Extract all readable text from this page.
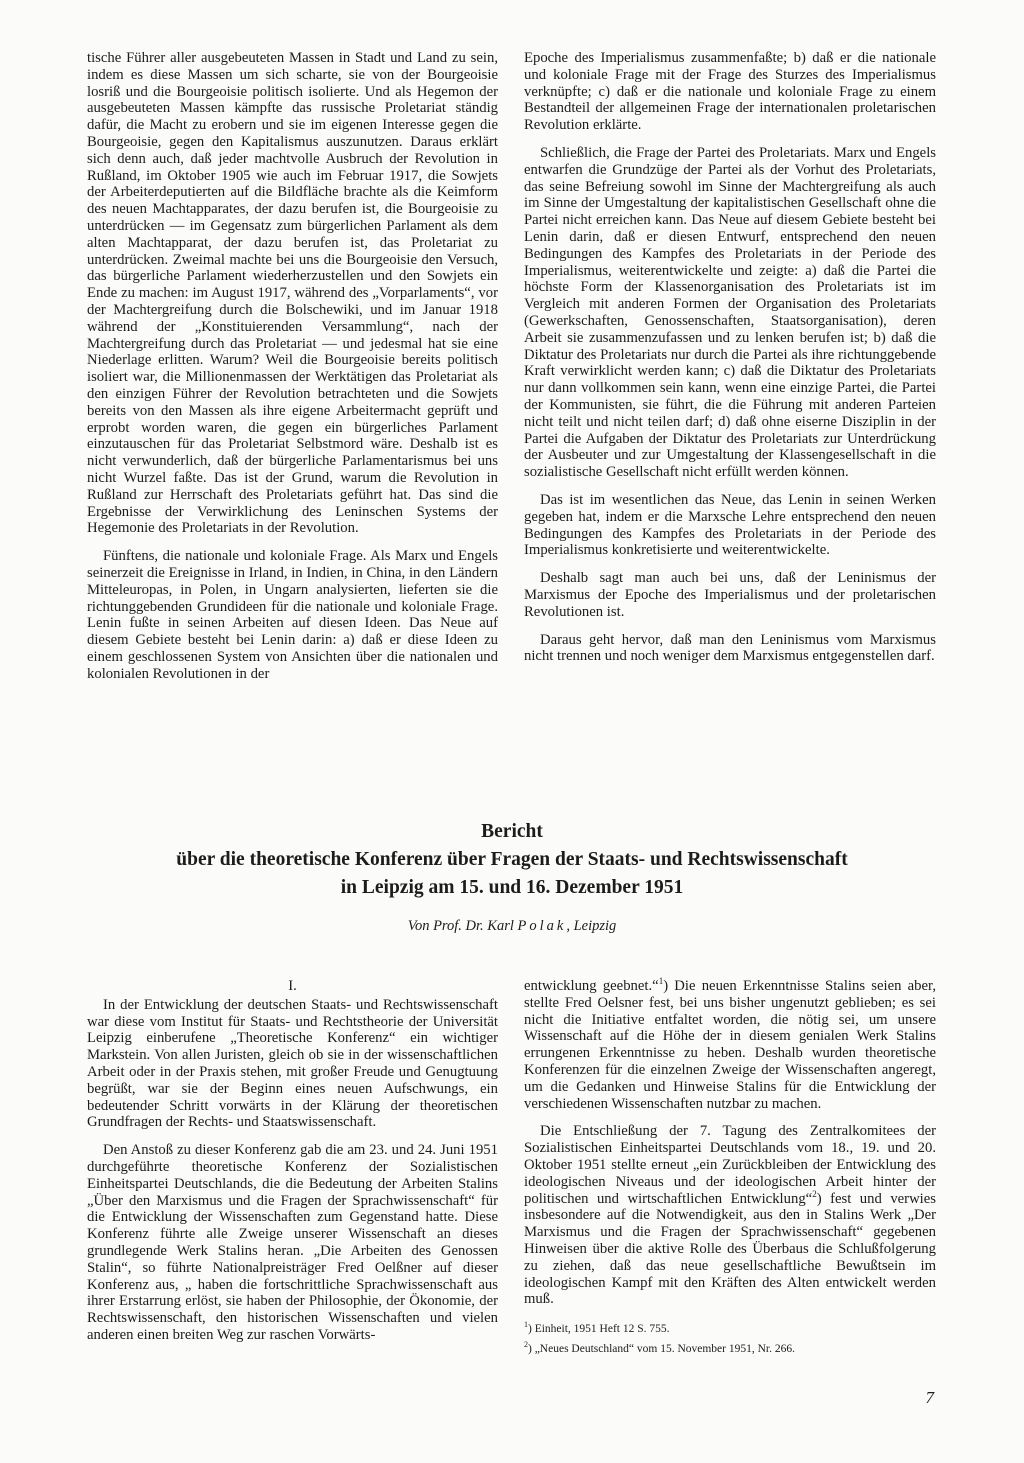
tische Führer aller ausgebeuteten Massen in Stadt und Land zu sein, indem es diese Massen um sich scharte, sie von der Bourgeoisie losriß und die Bourgeoisie politisch isolierte. Und als Hegemon der ausgebeuteten Massen kämpfte das russische Proletariat ständig dafür, die Macht zu erobern und sie im eigenen Interesse gegen die Bourgeoisie, gegen den Kapitalismus auszunutzen. Daraus erklärt sich denn auch, daß jeder machtvolle Ausbruch der Revolution in Rußland, im Oktober 1905 wie auch im Februar 1917, die Sowjets der Arbeiterdeputierten auf die Bildfläche brachte als die Keimform des neuen Machtapparates, der dazu berufen ist, die Bourgeoisie zu unterdrücken — im Gegensatz zum bürgerlichen Parlament als dem alten Machtapparat, der dazu berufen ist, das Proletariat zu unterdrücken. Zweimal machte bei uns die Bourgeoisie den Versuch, das bürgerliche Parlament wiederherzustellen und den Sowjets ein Ende zu machen: im August 1917, während des „Vorparlaments“, vor der Machtergreifung durch die Bolschewiki, und im Januar 1918 während der „Konstituierenden Versammlung“, nach der Machtergreifung durch das Proletariat — und jedesmal hat sie eine Niederlage erlitten. Warum? Weil die Bourgeoisie bereits politisch isoliert war, die Millionenmassen der Werktätigen das Proletariat als den einzigen Führer der Revolution betrachteten und die Sowjets bereits von den Massen als ihre eigene Arbeitermacht geprüft und erprobt worden waren, die gegen ein bürgerliches Parlament einzutauschen für das Proletariat Selbstmord wäre. Deshalb ist es nicht verwunderlich, daß der bürgerliche Parlamentarismus bei uns nicht Wurzel faßte. Das ist der Grund, warum die Revolution in Rußland zur Herrschaft des Proletariats geführt hat. Das sind die Ergebnisse der Verwirklichung des Leninschen Systems der Hegemonie des Proletariats in der Revolution.

Fünftens, die nationale und koloniale Frage. Als Marx und Engels seinerzeit die Ereignisse in Irland, in Indien, in China, in den Ländern Mitteleuropas, in Polen, in Ungarn analysierten, lieferten sie die richtunggebenden Grundideen für die nationale und koloniale Frage. Lenin fußte in seinen Arbeiten auf diesen Ideen. Das Neue auf diesem Gebiete besteht bei Lenin darin: a) daß er diese Ideen zu einem geschlossenen System von Ansichten über die nationalen und kolonialen Revolutionen in der

Epoche des Imperialismus zusammenfaßte; b) daß er die nationale und koloniale Frage mit der Frage des Sturzes des Imperialismus verknüpfte; c) daß er die nationale und koloniale Frage zu einem Bestandteil der allgemeinen Frage der internationalen proletarischen Revolution erklärte.

Schließlich, die Frage der Partei des Proletariats. Marx und Engels entwarfen die Grundzüge der Partei als der Vorhut des Proletariats, das seine Befreiung sowohl im Sinne der Machtergreifung als auch im Sinne der Umgestaltung der kapitalistischen Gesellschaft ohne die Partei nicht erreichen kann. Das Neue auf diesem Gebiete besteht bei Lenin darin, daß er diesen Entwurf, entsprechend den neuen Bedingungen des Kampfes des Proletariats in der Periode des Imperialismus, weiterentwickelte und zeigte: a) daß die Partei die höchste Form der Klassenorganisation des Proletariats ist im Vergleich mit anderen Formen der Organisation des Proletariats (Gewerkschaften, Genossenschaften, Staatsorganisation), deren Arbeit sie zusammenzufassen und zu lenken berufen ist; b) daß die Diktatur des Proletariats nur durch die Partei als ihre richtunggebende Kraft verwirklicht werden kann; c) daß die Diktatur des Proletariats nur dann vollkommen sein kann, wenn eine einzige Partei, die Partei der Kommunisten, sie führt, die die Führung mit anderen Parteien nicht teilt und nicht teilen darf; d) daß ohne eiserne Disziplin in der Partei die Aufgaben der Diktatur des Proletariats zur Unterdrückung der Ausbeuter und zur Umgestaltung der Klassengesellschaft in die sozialistische Gesellschaft nicht erfüllt werden können.

Das ist im wesentlichen das Neue, das Lenin in seinen Werken gegeben hat, indem er die Marxsche Lehre entsprechend den neuen Bedingungen des Kampfes des Proletariats in der Periode des Imperialismus konkretisierte und weiterentwickelte.

Deshalb sagt man auch bei uns, daß der Leninismus der Marxismus der Epoche des Imperialismus und der proletarischen Revolutionen ist.

Daraus geht hervor, daß man den Leninismus vom Marxismus nicht trennen und noch weniger dem Marxismus entgegenstellen darf.

Bericht
über die theoretische Konferenz über Fragen der Staats- und Rechtswissenschaft
in Leipzig am 15. und 16. Dezember 1951

Von Prof. Dr. Karl Polak, Leipzig

I.

In der Entwicklung der deutschen Staats- und Rechtswissenschaft war diese vom Institut für Staats- und Rechtstheorie der Universität Leipzig einberufene „Theoretische Konferenz“ ein wichtiger Markstein. Von allen Juristen, gleich ob sie in der wissenschaftlichen Arbeit oder in der Praxis stehen, mit großer Freude und Genugtuung begrüßt, war sie der Beginn eines neuen Aufschwungs, ein bedeutender Schritt vorwärts in der Klärung der theoretischen Grundfragen der Rechts- und Staatswissenschaft.

Den Anstoß zu dieser Konferenz gab die am 23. und 24. Juni 1951 durchgeführte theoretische Konferenz der Sozialistischen Einheitspartei Deutschlands, die die Bedeutung der Arbeiten Stalins „Über den Marxismus und die Fragen der Sprachwissenschaft“ für die Entwicklung der Wissenschaften zum Gegenstand hatte. Diese Konferenz führte alle Zweige unserer Wissenschaft an dieses grundlegende Werk Stalins heran. „Die Arbeiten des Genossen Stalin“, so führte Nationalpreisträger Fred Oelßner auf dieser Konferenz aus, „ haben die fortschrittliche Sprachwissenschaft aus ihrer Erstarrung erlöst, sie haben der Philosophie, der Ökonomie, der Rechtswissenschaft, den historischen Wissenschaften und vielen anderen einen breiten Weg zur raschen Vorwärts-

entwicklung geebnet.“$^1$) Die neuen Erkenntnisse Stalins seien aber, stellte Fred Oelsner fest, bei uns bisher ungenutzt geblieben; es sei nicht die Initiative entfaltet worden, die nötig sei, um unsere Wissenschaft auf die Höhe der in diesem genialen Werk Stalins errungenen Erkenntnisse zu heben. Deshalb wurden theoretische Konferenzen für die einzelnen Zweige der Wissenschaften angeregt, um die Gedanken und Hinweise Stalins für die Entwicklung der verschiedenen Wissenschaften nutzbar zu machen.

Die Entschließung der 7. Tagung des Zentralkomitees der Sozialistischen Einheitspartei Deutschlands vom 18., 19. und 20. Oktober 1951 stellte erneut „ein Zurückbleiben der Entwicklung des ideologischen Niveaus und der ideologischen Arbeit hinter der politischen und wirtschaftlichen Entwicklung“$^2$) fest und verwies insbesondere auf die Notwendigkeit, aus den in Stalins Werk „Der Marxismus und die Fragen der Sprachwissenschaft“ gegebenen Hinweisen über die aktive Rolle des Überbaus die Schlußfolgerung zu ziehen, daß das neue gesellschaftliche Bewußtsein im ideologischen Kampf mit den Kräften des Alten entwickelt werden muß.

$^1$) Einheit, 1951 Heft 12 S. 755.
$^2$) „Neues Deutschland“ vom 15. November 1951, Nr. 266.
7
